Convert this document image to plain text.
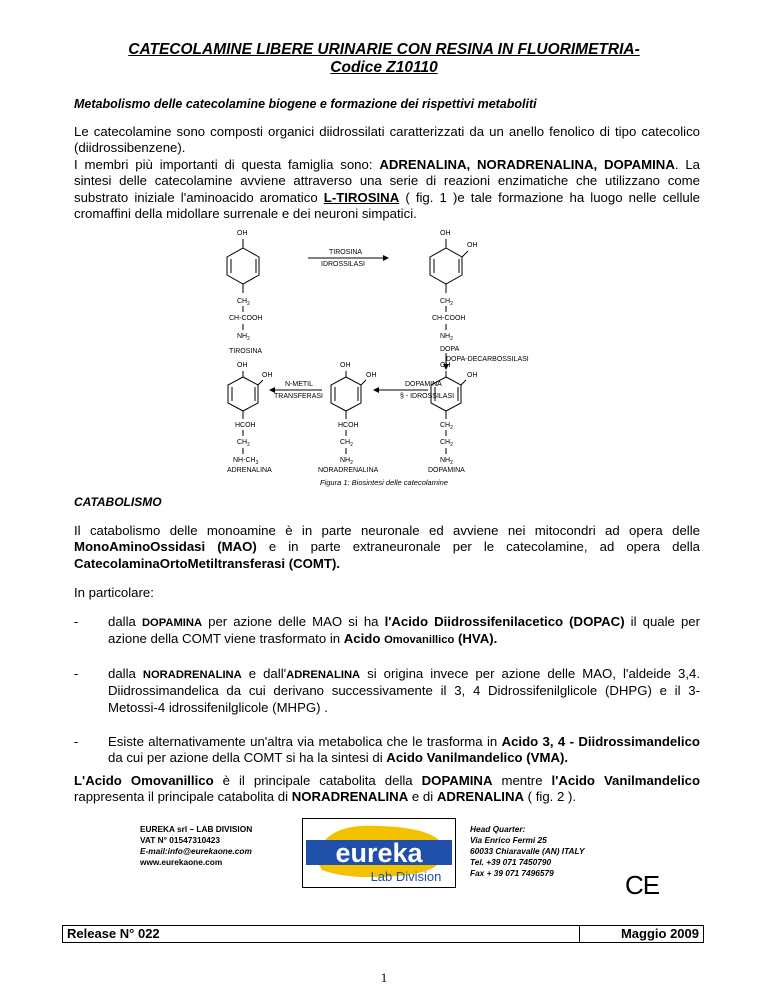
CATECOLAMINE LIBERE URINARIE CON RESINA IN FLUORIMETRIA-
Codice Z10110
Metabolismo delle catecolamine biogene e formazione dei rispettivi metaboliti
Le catecolamine sono composti organici diidrossilati caratterizzati da un anello fenolico di tipo catecolico (diidrossibenzene).
I membri più importanti di questa famiglia sono: ADRENALINA, NORADRENALINA, DOPAMINA. La sintesi delle catecolamine avviene attraverso una serie di reazioni enzimatiche che utilizzano come substrato iniziale l'aminoacido aromatico L-TIROSINA ( fig. 1 )e tale formazione ha luogo nelle cellule cromaffini della midollare surrenale e dei neuroni simpatici.
OH
$CH_2$
CH-COOH
$NH_2$
TIROSINA
TIROSINA
IDROSSILASI
OH
OH
$CH_2$
CH-COOH
$NH_2$
DOPA
DOPA-DECARBOSSILASI
OH
OH
HCOH
$CH_2$
$NH-CH_3$
ADRENALINA
N-METIL
TRANSFERASI
OH
OH
HCOH
$CH_2$
$NH_2$
NORADRENALINA
DOPAMINA
§ - IDROSSILASI
OH
OH
$CH_2$
$CH_2$
$NH_2$
DOPAMINA
Figura 1: Biosintesi delle catecolamine
CATABOLISMO
Il catabolismo delle monoamine è in parte neuronale ed avviene nei mitocondri ad opera delle MonoAminoOssidasi (MAO) e in parte extraneuronale per le catecolamine, ad opera della CatecolaminaOrtoMetiltransferasi (COMT).
In particolare:
- dalla DOPAMINA per azione delle MAO si ha l'Acido Diidrossifenilacetico (DOPAC) il quale per azione della COMT viene trasformato in Acido Omovanillico (HVA).
- dalla NORADRENALINA e dall'ADRENALINA si origina invece per azione delle MAO, l'aldeide 3,4. Diidrossimandelica da cui derivano successivamente il 3, 4 Didrossifenilglicole (DHPG) e il 3-Metossi-4 idrossifenilglicole (MHPG) .
- Esiste alternativamente un'altra via metabolica che le trasforma in Acido 3, 4 - Diidrossimandelico da cui per azione della COMT si ha la sintesi di Acido Vanilmandelico (VMA).
L'Acido Omovanillico è il principale catabolita della DOPAMINA mentre l'Acido Vanilmandelico rappresenta il principale catabolita di NORADRENALINA e di ADRENALINA ( fig. 2 ).
EUREKA srl – LAB DIVISION
VAT N° 01547310423
E-mail:info@eurekaone.com
www.eurekaone.com	eureka
Lab Division
Head Quarter:
Via Enrico Fermi 25
60033 Chiaravalle (AN) ITALY
Tel. +39 071 7450790
Fax + 39 071 7496579	CE
Release N° 022	Maggio 2009
1
